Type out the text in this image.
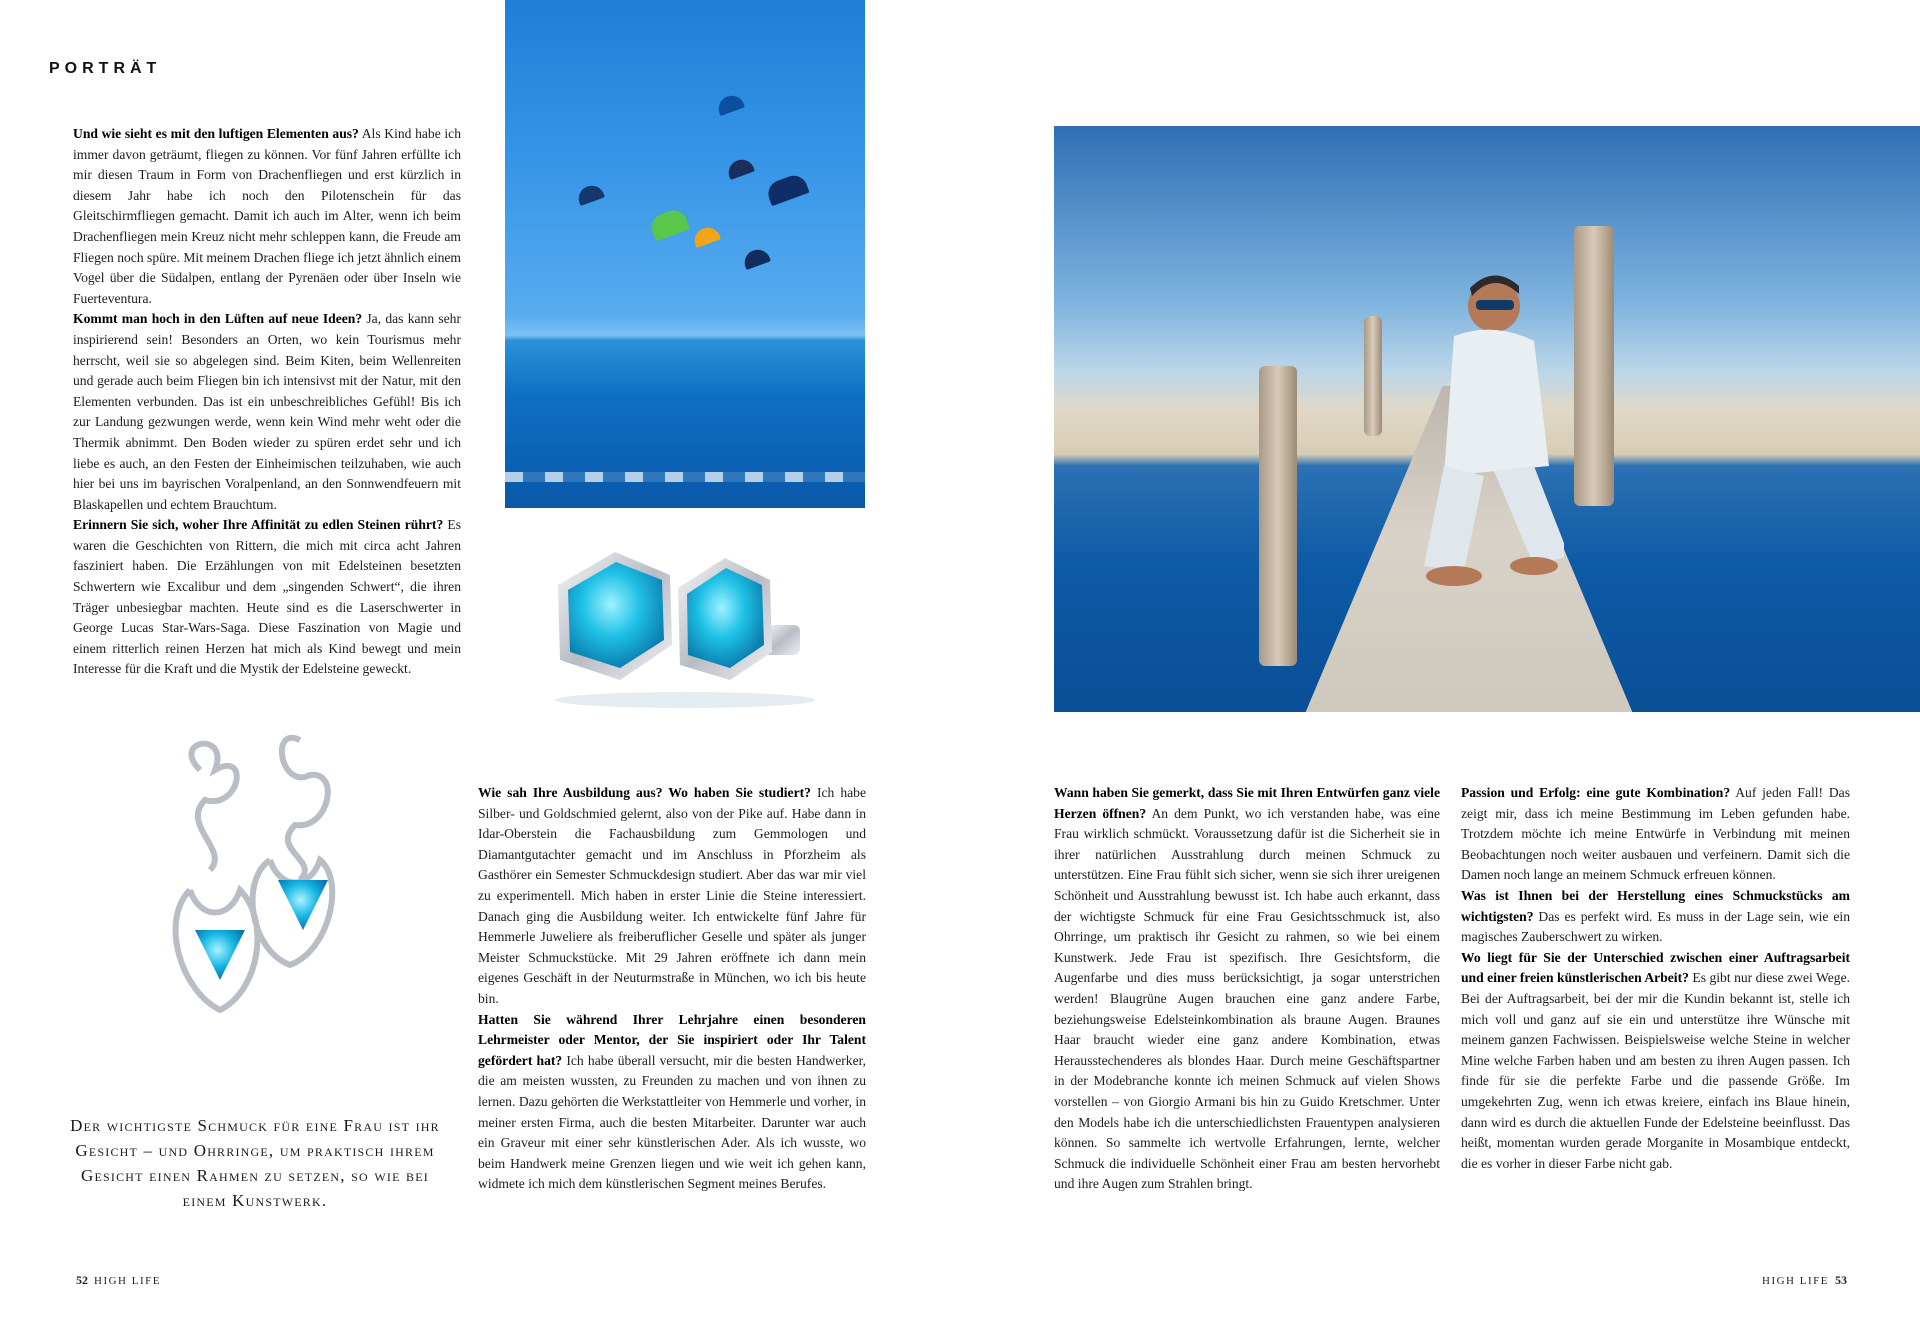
PORTRÄT

Und wie sieht es mit den luftigen Elementen aus? Als Kind habe ich immer davon geträumt, fliegen zu können. Vor fünf Jahren erfüllte ich mir diesen Traum in Form von Drachenfliegen und erst kürzlich in diesem Jahr habe ich noch den Pilotenschein für das Gleitschirmfliegen gemacht. Damit ich auch im Alter, wenn ich beim Drachenfliegen mein Kreuz nicht mehr schleppen kann, die Freude am Fliegen noch spüre. Mit meinem Drachen fliege ich jetzt ähnlich einem Vogel über die Südalpen, entlang der Pyrenäen oder über Inseln wie Fuerteventura.

Kommt man hoch in den Lüften auf neue Ideen? Ja, das kann sehr inspirierend sein! Besonders an Orten, wo kein Tourismus mehr herrscht, weil sie so abgelegen sind. Beim Kiten, beim Wellenreiten und gerade auch beim Fliegen bin ich intensivst mit der Natur, mit den Elementen verbunden. Das ist ein unbeschreibliches Gefühl! Bis ich zur Landung gezwungen werde, wenn kein Wind mehr weht oder die Thermik abnimmt. Den Boden wieder zu spüren erdet sehr und ich liebe es auch, an den Festen der Einheimischen teilzuhaben, wie auch hier bei uns im bayrischen Voralpenland, an den Sonnwendfeuern mit Blaskapellen und echtem Brauchtum.

Erinnern Sie sich, woher Ihre Affinität zu edlen Steinen rührt? Es waren die Geschichten von Rittern, die mich mit circa acht Jahren fasziniert haben. Die Erzählungen von mit Edelsteinen besetzten Schwertern wie Excalibur und dem „singenden Schwert“, die ihren Träger unbesiegbar machten. Heute sind es die Laserschwerter in George Lucas Star-Wars-Saga. Diese Faszination von Magie und einem ritterlich reinen Herzen hat mich als Kind bewegt und mein Interesse für die Kraft und die Mystik der Edelsteine geweckt.

Der wichtigste Schmuck für eine Frau ist ihr Gesicht – und Ohrringe, um praktisch ihrem Gesicht einen Rahmen zu setzen, so wie bei einem Kunstwerk.

Wie sah Ihre Ausbildung aus? Wo haben Sie studiert? Ich habe Silber- und Goldschmied gelernt, also von der Pike auf. Habe dann in Idar-Oberstein die Fachausbildung zum Gemmologen und Diamantgutachter gemacht und im Anschluss in Pforzheim als Gasthörer ein Semester Schmuckdesign studiert. Aber das war mir viel zu experimentell. Mich haben in erster Linie die Steine interessiert. Danach ging die Ausbildung weiter. Ich entwickelte fünf Jahre für Hemmerle Juweliere als freiberuflicher Geselle und später als junger Meister Schmuckstücke. Mit 29 Jahren eröffnete ich dann mein eigenes Geschäft in der Neuturmstraße in München, wo ich bis heute bin.

Hatten Sie während Ihrer Lehrjahre einen besonderen Lehrmeister oder Mentor, der Sie inspiriert oder Ihr Talent gefördert hat? Ich habe überall versucht, mir die besten Handwerker, die am meisten wussten, zu Freunden zu machen und von ihnen zu lernen. Dazu gehörten die Werkstattleiter von Hemmerle und vorher, in meiner ersten Firma, auch die besten Mitarbeiter. Darunter war auch ein Graveur mit einer sehr künstlerischen Ader. Als ich wusste, wo beim Handwerk meine Grenzen liegen und wie weit ich gehen kann, widmete ich mich dem künstlerischen Segment meines Berufes.

Wann haben Sie gemerkt, dass Sie mit Ihren Entwürfen ganz viele Herzen öffnen? An dem Punkt, wo ich verstanden habe, was eine Frau wirklich schmückt. Voraussetzung dafür ist die Sicherheit sie in ihrer natürlichen Ausstrahlung durch meinen Schmuck zu unterstützen. Eine Frau fühlt sich sicher, wenn sie sich ihrer ureigenen Schönheit und Ausstrahlung bewusst ist. Ich habe auch erkannt, dass der wichtigste Schmuck für eine Frau Gesichtsschmuck ist, also Ohrringe, um praktisch ihr Gesicht zu rahmen, so wie bei einem Kunstwerk. Jede Frau ist spezifisch. Ihre Gesichtsform, die Augenfarbe und dies muss berücksichtigt, ja sogar unterstrichen werden! Blaugrüne Augen brauchen eine ganz andere Farbe, beziehungsweise Edelsteinkombination als braune Augen. Braunes Haar braucht wieder eine ganz andere Kombination, etwas Herausstechenderes als blondes Haar. Durch meine Geschäftspartner in der Modebranche konnte ich meinen Schmuck auf vielen Shows vorstellen – von Giorgio Armani bis hin zu Guido Kretschmer. Unter den Models habe ich die unterschiedlichsten Frauentypen analysieren können. So sammelte ich wertvolle Erfahrungen, lernte, welcher Schmuck die individuelle Schönheit einer Frau am besten hervorhebt und ihre Augen zum Strahlen bringt.

Passion und Erfolg: eine gute Kombination? Auf jeden Fall! Das zeigt mir, dass ich meine Bestimmung im Leben gefunden habe. Trotzdem möchte ich meine Entwürfe in Verbindung mit meinen Beobachtungen noch weiter ausbauen und verfeinern. Damit sich die Damen noch lange an meinem Schmuck erfreuen können.

Was ist Ihnen bei der Herstellung eines Schmuckstücks am wichtigsten? Das es perfekt wird. Es muss in der Lage sein, wie ein magisches Zauberschwert zu wirken.

Wo liegt für Sie der Unterschied zwischen einer Auftragsarbeit und einer freien künstlerischen Arbeit? Es gibt nur diese zwei Wege. Bei der Auftragsarbeit, bei der mir die Kundin bekannt ist, stelle ich mich voll und ganz auf sie ein und unterstütze ihre Wünsche mit meinem ganzen Fachwissen. Beispielsweise welche Steine in welcher Mine welche Farben haben und am besten zu ihren Augen passen. Ich finde für sie die perfekte Farbe und die passende Größe. Im umgekehrten Zug, wenn ich etwas kreiere, einfach ins Blaue hinein, dann wird es durch die aktuellen Funde der Edelsteine beeinflusst. Das heißt, momentan wurden gerade Morganite in Mosambique entdeckt, die es vorher in dieser Farbe nicht gab.

52 HIGH LIFE	HIGH LIFE 53
